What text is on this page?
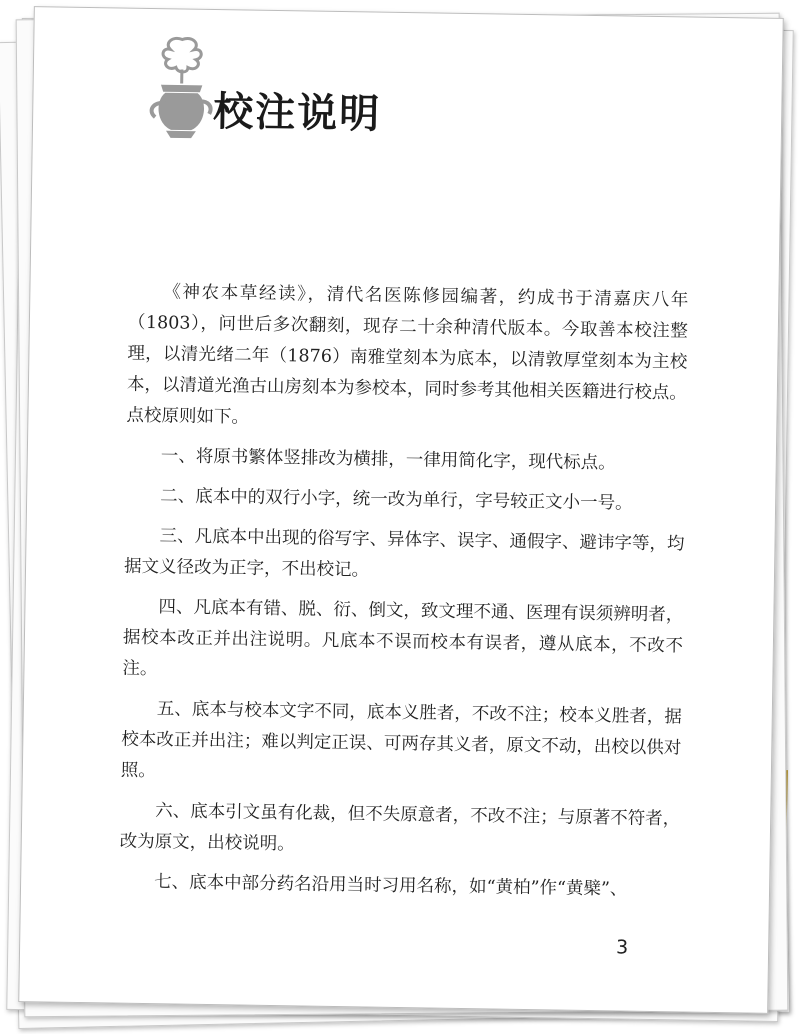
校注说明

《神农本草经读》，清代名医陈修园编著，约成书于清嘉庆八年（1803），问世后多次翻刻，现存二十余种清代版本。今取善本校注整理，以清光绪二年（1876）南雅堂刻本为底本，以清敦厚堂刻本为主校本，以清道光渔古山房刻本为参校本，同时参考其他相关医籍进行校点。点校原则如下。

一、将原书繁体竖排改为横排，一律用简化字，现代标点。

二、底本中的双行小字，统一改为单行，字号较正文小一号。

三、凡底本中出现的俗写字、异体字、误字、通假字、避讳字等，均据文义径改为正字，不出校记。

四、凡底本有错、脱、衍、倒文，致文理不通、医理有误须辨明者，据校本改正并出注说明。凡底本不误而校本有误者，遵从底本，不改不注。

五、底本与校本文字不同，底本义胜者，不改不注；校本义胜者，据校本改正并出注；难以判定正误、可两存其义者，原文不动，出校以供对照。

六、底本引文虽有化裁，但不失原意者，不改不注；与原著不符者，改为原文，出校说明。

七、底本中部分药名沿用当时习用名称，如“黄柏”作“黄檗”、

3
